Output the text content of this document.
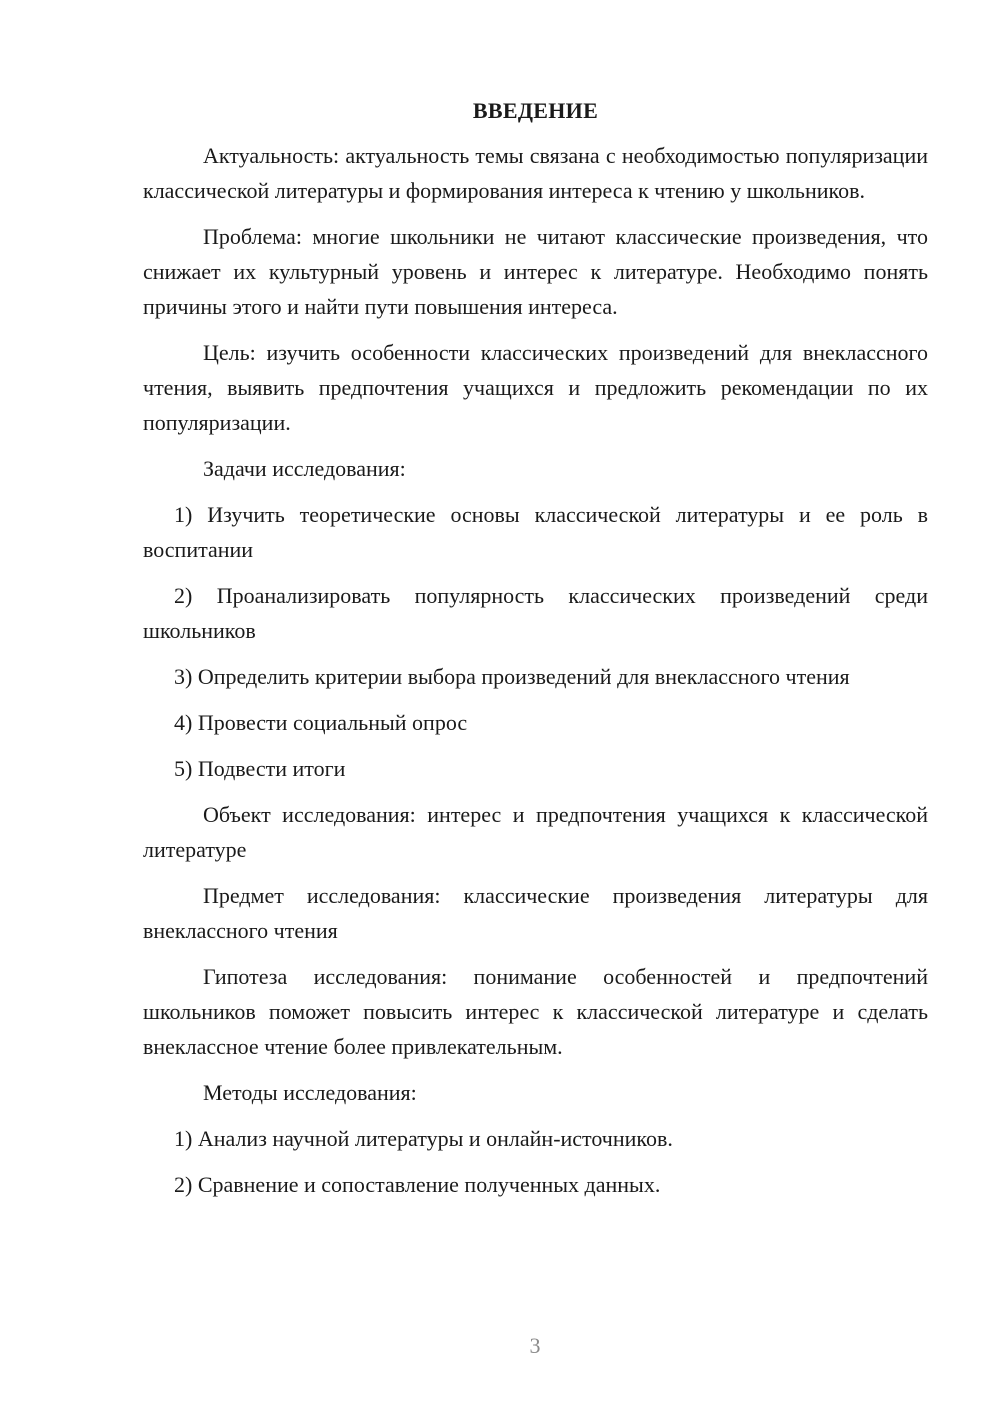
ВВЕДЕНИЕ

Актуальность: актуальность темы связана с необходимостью популяризации классической литературы и формирования интереса к чтению у школьников.

Проблема: многие школьники не читают классические произведения, что снижает их культурный уровень и интерес к литературе. Необходимо понять причины этого и найти пути повышения интереса.

Цель: изучить особенности классических произведений для внеклассного чтения, выявить предпочтения учащихся и предложить рекомендации по их популяризации.

Задачи исследования:

1) Изучить теоретические основы классической литературы и ее роль в воспитании

2) Проанализировать популярность классических произведений среди школьников

3) Определить критерии выбора произведений для внеклассного чтения

4) Провести социальный опрос

5) Подвести итоги

Объект исследования: интерес и предпочтения учащихся к классической литературе

Предмет исследования: классические произведения литературы для внеклассного чтения

Гипотеза исследования: понимание особенностей и предпочтений школьников поможет повысить интерес к классической литературе и сделать внеклассное чтение более привлекательным.

Методы исследования:

1) Анализ научной литературы и онлайн-источников.

2) Сравнение и сопоставление полученных данных.

3
